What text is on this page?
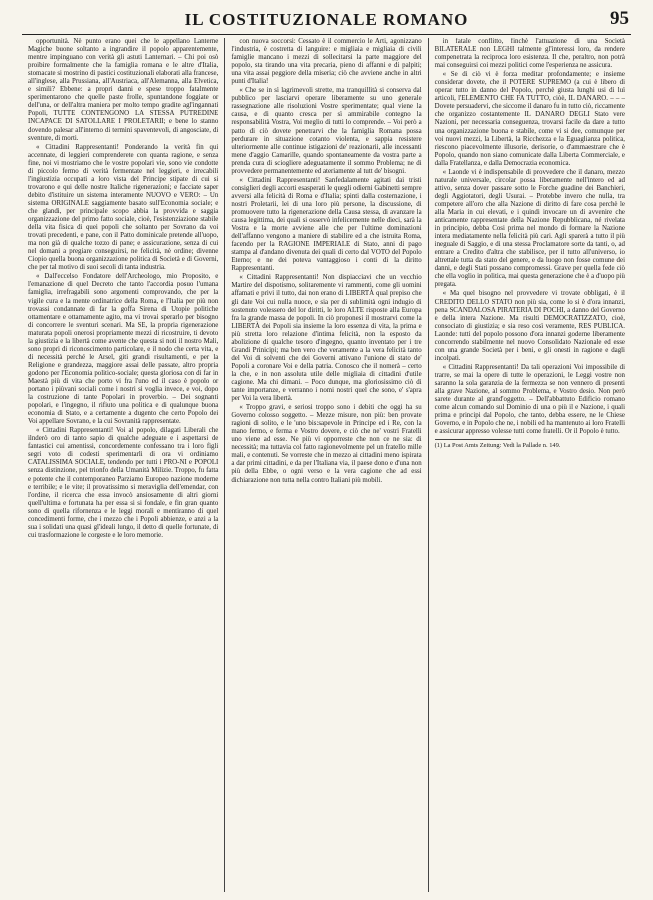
IL COSTITUZIONALE ROMANO	95

opportunità. Nè punto erano quei che le appellano Lanterne Magiche buone soltanto a ingrandire il popolo apparentemente, mentre impinguano con verità gli astuti Lanternari. – Chi poi osò proibire formalmente che la famiglia romana e le altre d'Italia, stomacate si mostrino di pastici costituzionali elaborati alla francese, all'inglese, alla Prussiana, all'Austriaca, all'Alemanna, alla Elvetica, e simili? Ebbene: a propri danni e spese troppo fatalmente sperimentarono che quelle paste frolle, spuntandone foggiate or dell'una, or dell'altra maniera per molto tempo gradite agl'ingannati Popoli, TUTTE CONTENGONO LA STESSA PUTREDINE INCAPACE DI SATOLLARE I PROLETARII; e bene lo stanno dovendo palesar all'interno di termini spaventevoli, di angosciate, di sventure, di morti.

« Cittadini Rappresentanti! Ponderando la verità fin qui accennate, di leggieri comprenderete con quanta ragione, e senza fine, noi vi mostriamo che le vostre popolari vie, sono vie condotte di piccolo fermo di verità fermentate nel leggieri, e irrecabili l'ingiustizia occupati a loro vista del Principe stipate di cui si trovarono e qui delle nostre Italiche rigenerazioni; e facciate saper debito d'istituire un sistema interamente NUOVO e VERO: – Un sistema ORIGINALE saggiamente basato sull'Economia sociale; e che glandi, per principale scopo abbia la provvida e saggia organizzazione del primo fatto sociale, cioè, l'esistenziazione stabile della vita fisica di quei popoli che soltanto per Sovrano da voi trovati precedenti, e pane, con il Patto dominicale pretende all'uopo, ma non già di qualche tozzo di pane; e assicurazione, senza di cui nel domani a pregiare conseguirsi, ne felicità, nè ordine; divenne Ciopio quella buona organizzazione politica di Società e di Governi, che per tal motivo di suoi secoli di tanta industria.

« Dall'eccelso Fondatore dell'Archeologo, mio Proposito, e l'emanazione di quel Decreto che tanto l'accordia posuo l'umana famiglia, irrefragabili sono argomenti comprovando, che per la vigile cura e la mente ordinatrice della Roma, e l'Italia per più non trovassi condannate di far la goffa Sirena di Utopie politiche ottamentare e ottamamente agito, ma vi trovai sperarlo per bisogno di concorrere le sventuri scenari. Ma SE, la propria rigenerazione maturata popoli onerosi propriamente mezzi di ricostruire, ti devoto la giustizia e la libertà come avente che questa si noti il nostro Mali, sono propri di riconoscimento particolare, e il nodo che certa vita, e di necessità perché le Arsel, giti grandi risultamenti, e per la Religione e grandezza, maggiore assai delle passate, altro propria godono per l'Economia politico-sociale; questa gloriosa con di far in Maestà più di vita che porto vi fra l'uno ed il caso è popolo or portano i piùvani sociali come i nostri si voglia invece, e voi, dopo la costruzione di tante Popolari in proverbio. – Dei sognanti popolari, e l'ingegno, il rifiuto una politica e di qualunque buona economia di Stato, e a certamente a dugento che certo Popolo dei Voi appellare Sovrano, e la cui Sovranità rappresentate.

« Cittadini Rappresentanti! Voi al popolo, dilagati Liberali che ilnderò oro di tanto sapio di qualche adeguate e i aspettarsi de fantastici cui amentissi, concordemente confessano tra i loro figli segri voto di codesti sperimentarli di ora vi ordiniamo CATALISSIMA SOCIALE, tendendo per tutti i PRO-NI e POPOLI senza distinzione, pel trionfo della Umanità Milizie. Troppo, fu fatta e potente che il contemporaneo Parziamo Europeo nazione moderne e terribile; e le vite; il provatissimo si meraviglia dell'emendar, con l'ordine, il ricerca che essa invocò ansiosamente di altri giorni quell'ultima e fortunata ha per essa si si fondale, e fin gran quanto sono di quella rifornenza e le leggi morali e mentiranno di quel concedimenti forme, che i mezzo che i Popoli abbienze, e anzi a la sua i solidati una quasi gl'ideali lungo, il detto di quelle fortunate, di cui trasformazione le corgeste e le loro memorie.

con nuova soccorsi: Cessato è il commercio le Arti, agonizzano l'industria, è costretta di languire: e migliaia e migliaia di civili famiglie mancano i mezzi di sollecitarsi la parte maggiore del popolo, sta tirando una vita precaria, pieno di affanni e di palpiti; una vita assai peggiore della miseria; ciò che avviene anche in altri punti d'Italia!

« Che se in sì lagrimevoli strette, ma tranquillità si conserva dal pubblico per lasciarvi operare liberamente su uno generale rassegnazione alle risoluzioni Vostre sperimentate; qual viene la causa, e di quanto cresca per sì ammirabile contegno la responsabilità Vostra, Voi meglio di tutti lo comprende. – Voi però a patto di ciò dovete penetrarvi che la famiglia Romana possa perdurare in situazione cotanto violenta, e sappia resistere ulteriormente alle continue istigazioni de' reazionarii, alle incessanti mene d'aggio Camarille, quando spontaneamente da vostra parte a prenda cura di sciogliere adeguatamente il sommo Problema; ne di provvedere permanentemente ed ateriamente al tutt de' bisogni.

« Cittadini Rappresentanti! Sanfedalamente agitati dai tristi consiglieri degli accorti esasperati le quegli odierni Gabinetti sempre avversi alla felicità di Roma e d'Italia; spinti dalla costernazione, i nostri Proletarii, lei di una loro più persone, la discussione, di promuovere tutto la rigenerazione della Causa stessa, di avanzare la causa legittima, dei quali si osservò infelicemente nelle dieci, sarà la Vostra e la morte avviene alle che per l'ultime dominazioni dell'affanno vengono a maniere di stabilire ed a che istruita Roma, facendo per la RAGIONE IMPERIALE di Stato, anni di pago stampa al d'andano divenuta dei quali di certo dal VOTO del Popolo Eterno; e ne dei poteva vantaggioso i conti di la diritto Rappresentanti.

« Cittadini Rappresentanti! Non dispiacciavi che un vecchio Martire del dispotismo, solitaremente vi rammenti, come gli uomini affamati e privi il tutto, dai non erano di LIBERTÀ qual prepiso che gli date Voi cui nulla nuoce, e sia per di sublimità ogni indugio di sostenuto volessero del lor diritti, le loro ALTE risposte alla Europa fra la grande massa de popoli. In ciò proponesi il mostrarvi come la LIBERTÀ dei Popoli sia insieme la loro essenza di vita, la prima e più stretta loro relazione d'intima felicità, non la esposto da abolizione di qualche tesoro d'ingegno, quanto inventato per i tre Grandi Prinicipi; ma ben vero che veramente a la vera felicità tanto del Voi di solventi che dei Governi attivano l'unione di stato de' Popoli a coronare Voi e della patria. Conosco che il nomerà – certo la che, e in non assoluta utile delle migliaia di cittadini d'utile cagione. Ma chi dimani. – Poco dunque, ma gloriosissimo ciò di tante importanze, e verranno i nomi nostri quel che sono, e' s'apra per Voi la vera libertà.

« Troppo gravi, e seriosi troppo sono i debiti che oggi ha su Governo colosso soggetto. – Mezze misure, non più: ben provate ragioni di solito, e le 'uno bis:sapevole in Principe ed i Re, con la mano fermo, e ferma e Vostro dovere, e ciò che ne' vostri Fratelli uno viene ad esse. Ne più vi opporreste che non ce ne sia: di necessità; ma tuttavia col fatto ragionevolmente pel un fratello mille mali, e contenuti. Se vorreste che in mezzo ai cittadini meno ispirata a dar primi cittadini, e da per l'Italiana via, il paese dono e d'una non più della Ebbe, o ogni verso e la vera cagione che ad essi dichiarazione non tutta nella contro Italiani più mobili.

in fatale conflitto, finchè l'attuazione di una Società BILATERALE non LEGHI talmente gl'interessi loro, da rendere compenetrata la reciproca loro esistenza. Il che, peraltro, non potrà mai conseguirsi coi mezzi politici come l'esperienza ne assicura.

« Se di ciò vi è forza meditar profondamente; e insieme considerar dovete, che il POTERE SUPREMO (a cui è libero di operar tutto in danno del Popolo, perchè giusta lunghi usi di luì articoli, l'ELEMENTO CHE FA TUTTO, ciòè, IL DANARO. – – – Dovete persuadervi, che siccome il danaro fu in tutto ciò, riccamente che organizzo costantemente IL DANARO DEGLI Stato vere Nazioni, per necessaria conseguenza, trovarsi facile da dare a tutto una organizzazione buona e stabile, come vi si dee, comunque per voi nuovi mezzi, la Libertà, la Ricchezza e la Eguaglianza politica, riescono piacevolmente illusorie, derisorie, o d'ammaestrare che è Popolo, quando non siano comunicate dalla Liberta Commerciale, e dalla Fratellanza, e dalla Democrazia economica.

« Laonde vi è indispensabile di provvedere che il danaro, mezzo naturale universale, circolar possa liberamente nell'intero ed ad attivo, senza dover passare sotto le Forche guadine dei Banchieri, degli Aggiotatori, degli Usurai. – Protebbe invero che nulla, tra competere all'oro che alla Nazione di diritto di fare cosa perchè le alla Maria in cui elevati, e i quindi invocare un di avvenire che anticamente rappresentate della Nazione Repubblicana, né rivelata in principio, debba Cosi prima nel mondo di formare la Nazione intera mediatamente nella felicità più cari. Agli sparerà a tutto il più ineguale di Saggio, e di una stessa Proclamatore sorte da tanti, o, ad entrare a Credito d'altra che stabilisce, per il tutto all'universo, io altrettale tutta da stato del genere, e da luogo non fosse comune dei danni, e degli Stati possano compromessi. Grave per quella fede ciò che ella voglio in politica, mai questa generazione che è a d'uopo più pregata.

« Ma quel bisogno nel provvedere vi trovate obbligati, è il CREDITO DELLO STATO non più sia, come lo si è d'ora innanzi, pena SCANDALOSA PIRATERIA DI POCHI, a danno del Governo e della intera Nazione. Ma risulti DEMOCRATIZZATO, cioè, consociato di giustizia; e sia reso così veramente, RES PUBLICA. Laonde: tutti del popolo possono d'ora innanzi goderne liberamente concorrendo stabilmente nel nuovo Consolidato Nazionale ed esse con una grande Società per i beni, e gli onesti in ragione e dagli incolpati.

« Cittadini Rappresentanti! Da tali operazioni Voi impossibile di trarre, se mai la opere di tutte le operazioni, le Leggi vostre non saranno la sola garanzia de la fermezza se non vennero di presenti alla grave Nazione, al sommo Problema, e Vostro desio. Non però sarete durante al grand'oggetto. – Dell'abbattuto Edificio romano come alcun comando sul Dominio di una o più il e Nazione, i quali prima e principi dal Popolo, che tanto, debba essere, ne le Chiese Governo, e in Popolo che ne, i nobili ed ha mantenuto ai loro Fratelli e assicurar appresso volesse tutti come fratelli. Or il Popolo è tutto.

(1) La Post Amts Zeitung: Vedi la Pallade n. 149.
